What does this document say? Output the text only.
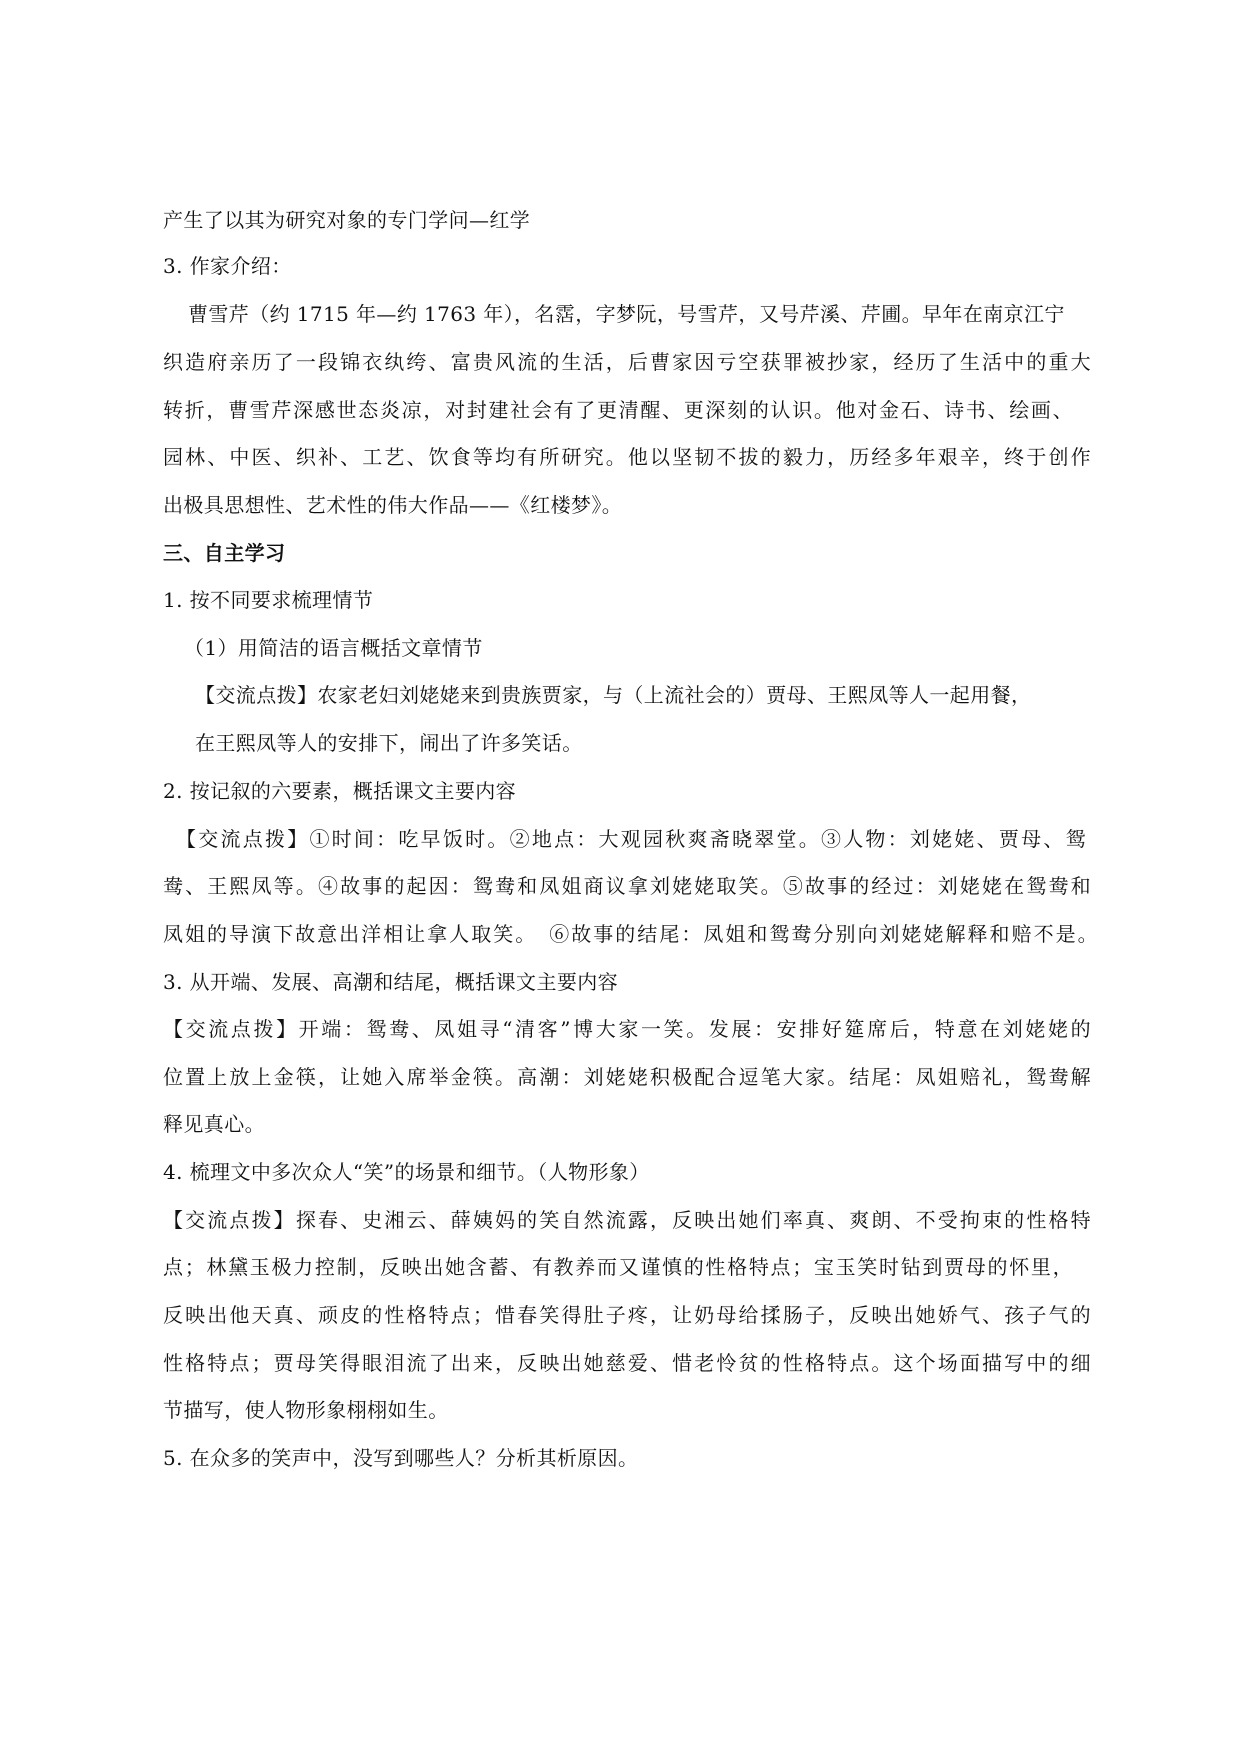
产生了以其为研究对象的专门学问—红学
3. 作家介绍：
曹雪芹（约 1715 年—约 1763 年），名霑，字梦阮，号雪芹，又号芹溪、芹圃。早年在南京江宁
织造府亲历了一段锦衣纨绔、富贵风流的生活，后曹家因亏空获罪被抄家，经历了生活中的重大
转折，曹雪芹深感世态炎凉，对封建社会有了更清醒、更深刻的认识。他对金石、诗书、绘画、
园林、中医、织补、工艺、饮食等均有所研究。他以坚韧不拔的毅力，历经多年艰辛，终于创作
出极具思想性、艺术性的伟大作品——《红楼梦》。
三、自主学习
1. 按不同要求梳理情节
（1）用简洁的语言概括文章情节
【交流点拨】农家老妇刘姥姥来到贵族贾家，与（上流社会的）贾母、王熙凤等人一起用餐，
在王熙凤等人的安排下，闹出了许多笑话。
2. 按记叙的六要素，概括课文主要内容
【交流点拨】①时间：吃早饭时。②地点：大观园秋爽斋晓翠堂。③人物：刘姥姥、贾母、鸳
鸯、王熙凤等。④故事的起因：鸳鸯和凤姐商议拿刘姥姥取笑。⑤故事的经过：刘姥姥在鸳鸯和
凤姐的导演下故意出洋相让拿人取笑。　⑥故事的结尾：凤姐和鸳鸯分别向刘姥姥解释和赔不是。
3. 从开端、发展、高潮和结尾，概括课文主要内容
【交流点拨】开端：鸳鸯、凤姐寻“清客”博大家一笑。发展：安排好筵席后，特意在刘姥姥的
位置上放上金筷，让她入席举金筷。高潮：刘姥姥积极配合逗笔大家。结尾：凤姐赔礼，鸳鸯解
释见真心。
4. 梳理文中多次众人“笑”的场景和细节。（人物形象）
【交流点拨】探春、史湘云、薛姨妈的笑自然流露，反映出她们率真、爽朗、不受拘束的性格特
点；林黛玉极力控制，反映出她含蓄、有教养而又谨慎的性格特点；宝玉笑时钻到贾母的怀里，
反映出他天真、顽皮的性格特点；惜春笑得肚子疼，让奶母给揉肠子，反映出她娇气、孩子气的
性格特点；贾母笑得眼泪流了出来，反映出她慈爱、惜老怜贫的性格特点。这个场面描写中的细
节描写，使人物形象栩栩如生。
5. 在众多的笑声中，没写到哪些人？分析其析原因。
